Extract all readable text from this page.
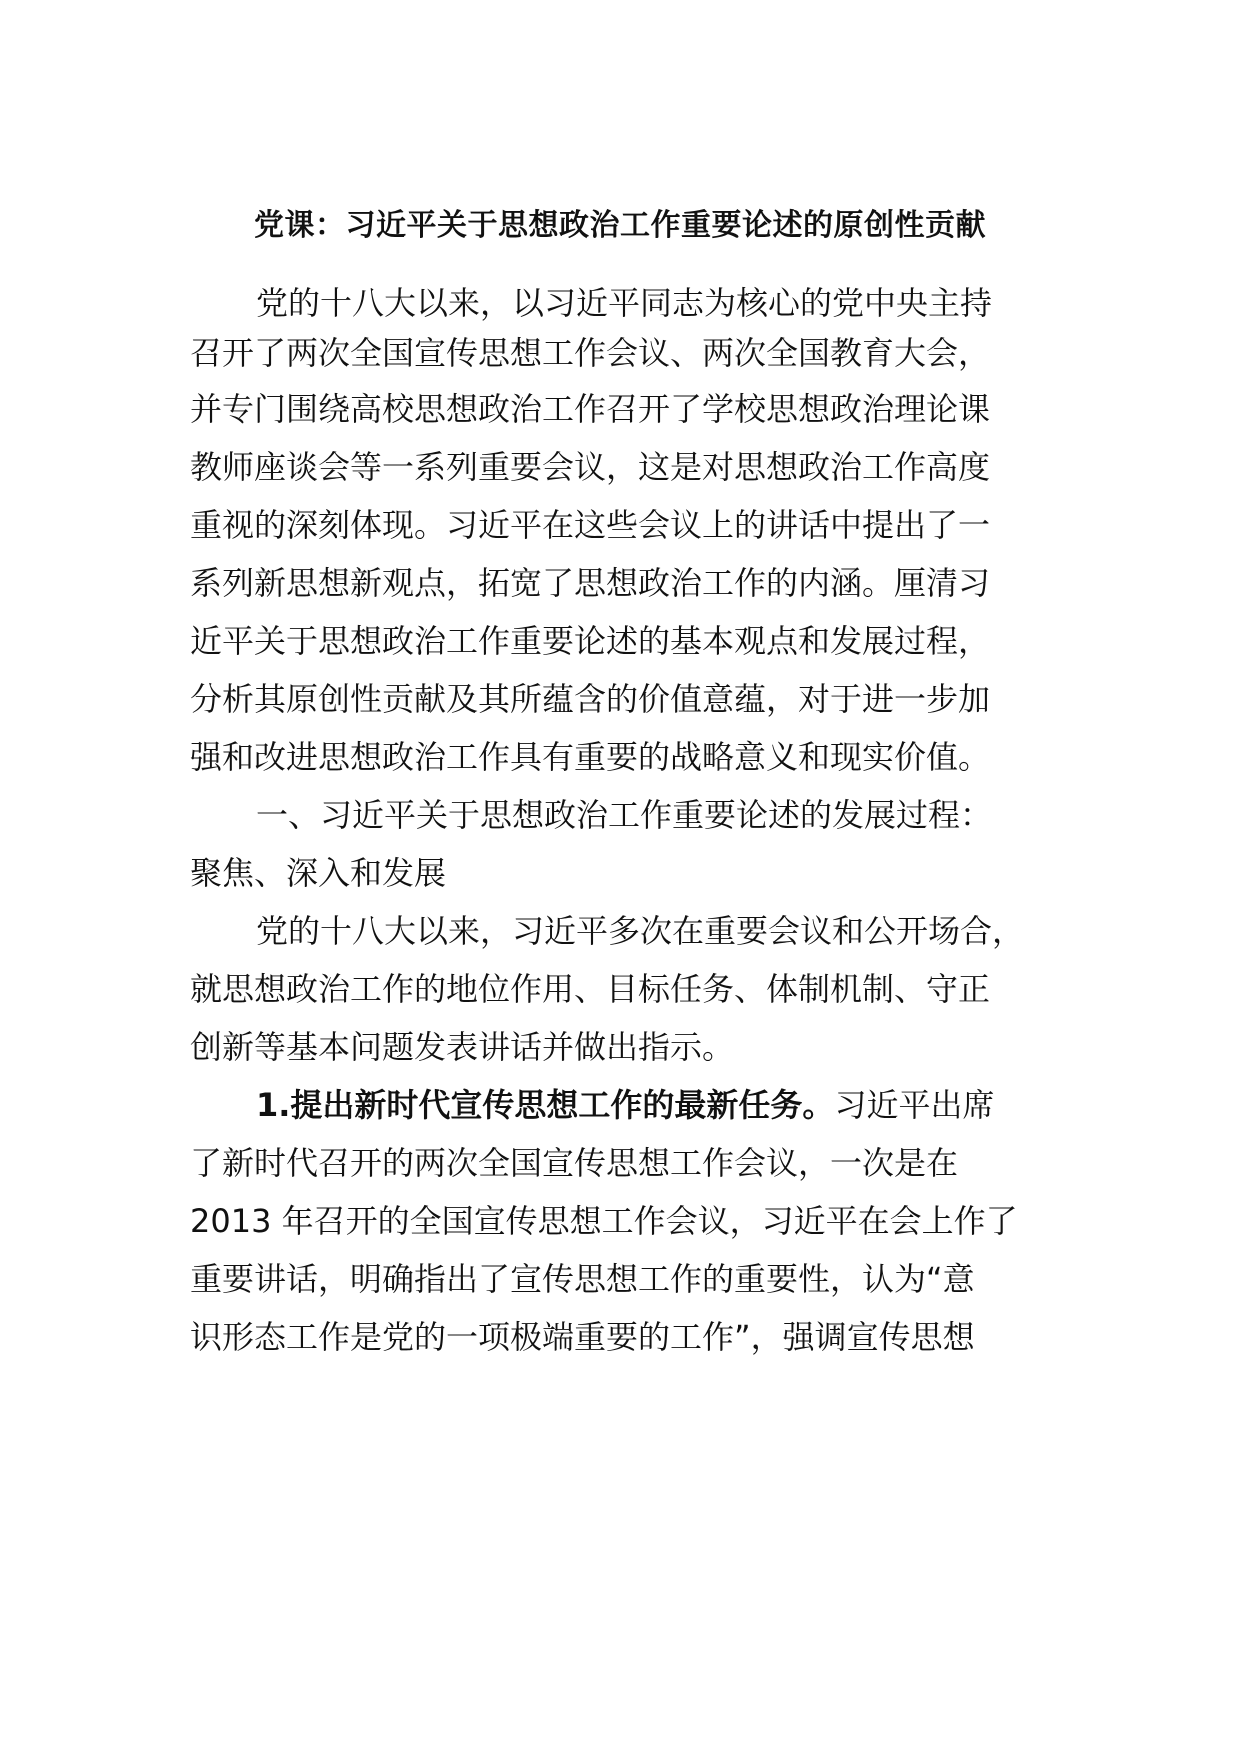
党课：习近平关于思想政治工作重要论述的原创性贡献
党的十八大以来，以习近平同志为核心的党中央主持
召开了两次全国宣传思想工作会议、两次全国教育大会，
并专门围绕高校思想政治工作召开了学校思想政治理论课
教师座谈会等一系列重要会议，这是对思想政治工作高度
重视的深刻体现。习近平在这些会议上的讲话中提出了一
系列新思想新观点，拓宽了思想政治工作的内涵。厘清习
近平关于思想政治工作重要论述的基本观点和发展过程，
分析其原创性贡献及其所蕴含的价值意蕴，对于进一步加
强和改进思想政治工作具有重要的战略意义和现实价值。
一、习近平关于思想政治工作重要论述的发展过程：
聚焦、深入和发展
党的十八大以来，习近平多次在重要会议和公开场合，
就思想政治工作的地位作用、目标任务、体制机制、守正
创新等基本问题发表讲话并做出指示。
1.提出新时代宣传思想工作的最新任务。习近平出席
了新时代召开的两次全国宣传思想工作会议，一次是在
2013 年召开的全国宣传思想工作会议，习近平在会上作了
重要讲话，明确指出了宣传思想工作的重要性，认为“意
识形态工作是党的一项极端重要的工作”，强调宣传思想
